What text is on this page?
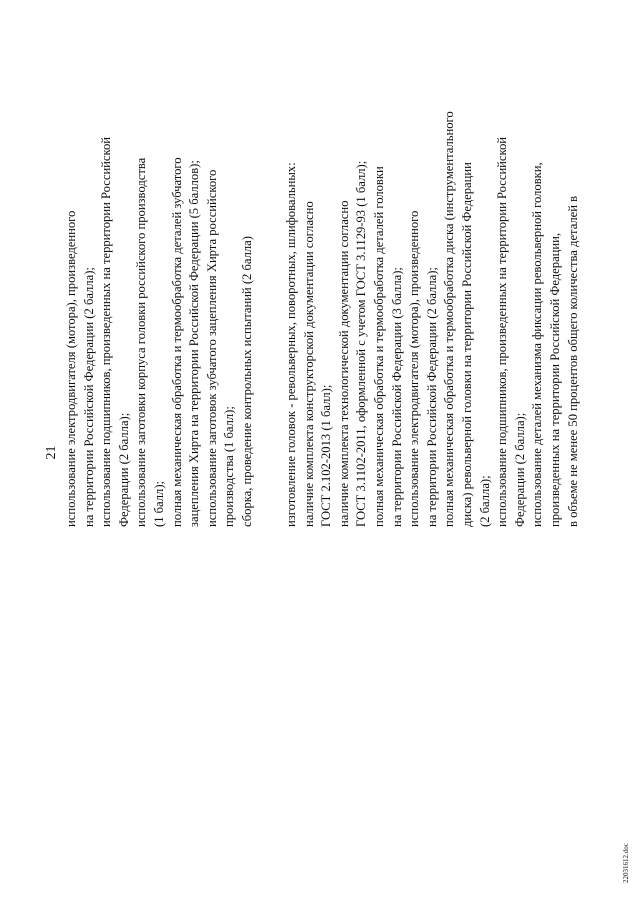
21 использование электродвигателя (мотора), произведенного на территории Российской Федерации (2 балла); использование подшипников, произведенных на территории Российской Федерации (2 балла); использование заготовки корпуса головки российского производства (1 балл); полная механическая обработка и термообработка деталей зубчатого зацепления Хирта на территории Российской Федерации (5 баллов); использование заготовок зубчатого зацепления Хирта российского производства (1 балл); сборка, проведение контрольных испытаний (2 балла) изготовление головок - револьверных, поворотных, шлифовальных: наличие комплекта конструкторской документации согласно ГОСТ 2.102-2013 (1 балл); наличие комплекта технологической документации согласно ГОСТ 3.1102-2011, оформленной с учетом ГОСТ 3.1129-93 (1 балл); полная механическая обработка и термообработка деталей головки на территории Российской Федерации (3 балла); использование электродвигателя (мотора), произведенного на территории Российской Федерации (2 балла); полная механическая обработка и термообработка диска (инструментального диска) револьверной головки на территории Российской Федерации (2 балла); использование подшипников, произведенных на территории Российской Федерации (2 балла); использование деталей механизма фиксации револьверной головки, произведенных на территории Российской Федерации, в объеме не менее 50 процентов общего количества деталей в

22031612.doc
